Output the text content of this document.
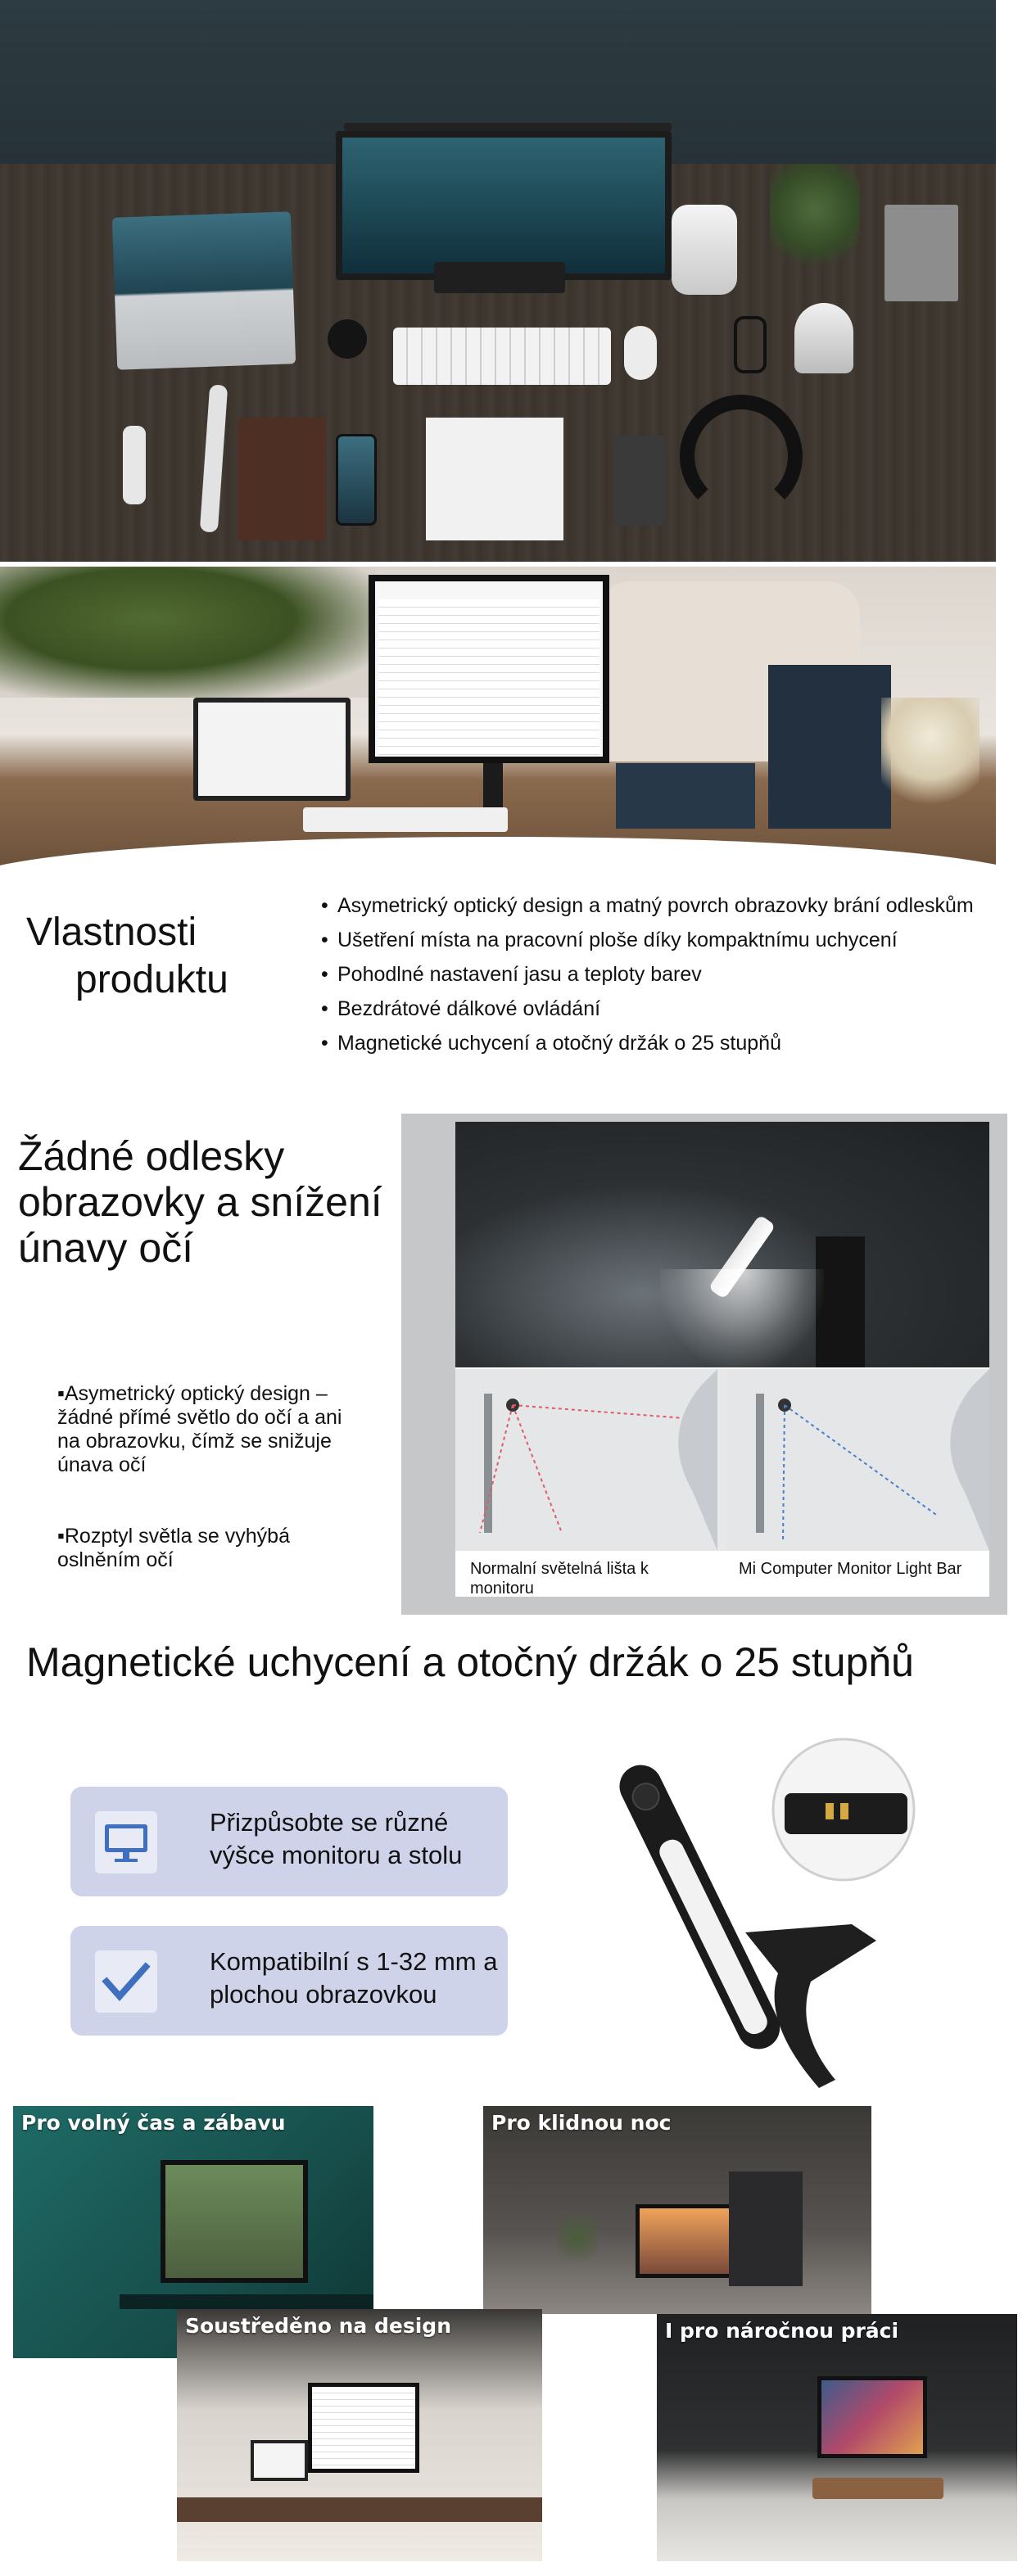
Vlastnosti
produktu
• Asymetrický optický design a matný povrch obrazovky brání odleskům
• Ušetření místa na pracovní ploše díky kompaktnímu uchycení
• Pohodlné nastavení jasu a teploty barev
• Bezdrátové dálkové ovládání
• Magnetické uchycení a otočný držák o 25 stupňů
Žádné odlesky obrazovky a snížení únavy očí
▪Asymetrický optický design – žádné přímé světlo do očí a ani na obrazovku, čímž se snižuje únava očí
▪Rozptyl světla se vyhýbá oslněním očí	Normalní světelná lišta k monitoru
Mi Computer Monitor Light Bar
Magnetické uchycení a otočný držák o 25 stupňů
Přizpůsobte se různé výšce monitoru a stolu
Kompatibilní s 1-32 mm a plochou obrazovkou
Pro volný čas a zábavu	Pro klidnou noc
Soustředěno na design	I pro náročnou práci
